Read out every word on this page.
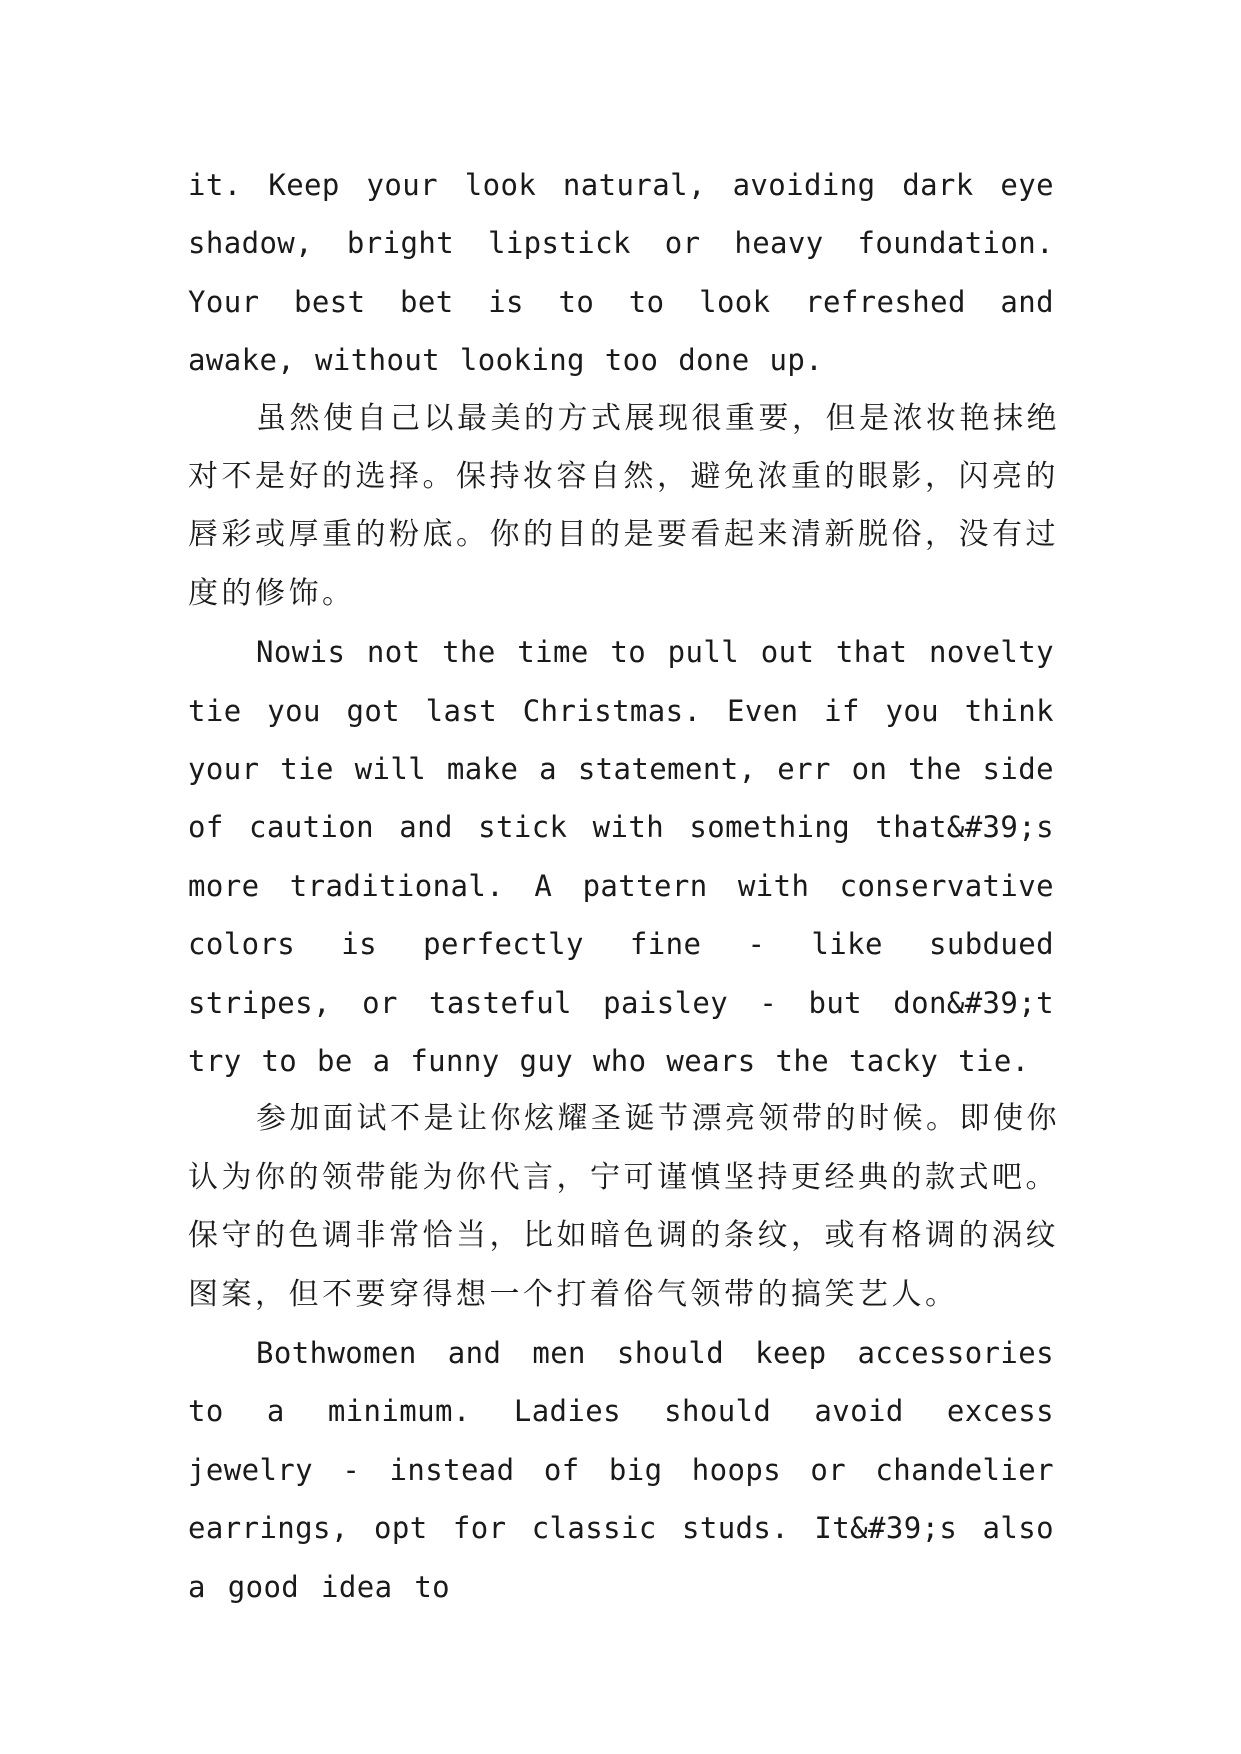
it. Keep your look natural, avoiding dark eye shadow, bright lipstick or heavy foundation. Your best bet is to to look refreshed and awake, without looking too done up.

虽然使自己以最美的方式展现很重要，但是浓妆艳抹绝
对不是好的选择。保持妆容自然，避免浓重的眼影，闪亮的
唇彩或厚重的粉底。你的目的是要看起来清新脱俗，没有过
度的修饰。

Nowis not the time to pull out that novelty tie you got last Christmas. Even if you think your tie will make a statement, err on the side of caution and stick with something that&#39;s more traditional. A pattern with conservative colors is perfectly fine - like subdued stripes, or tasteful paisley - but don&#39;t try to be a funny guy who wears the tacky tie.

参加面试不是让你炫耀圣诞节漂亮领带的时候。即使你
认为你的领带能为你代言，宁可谨慎坚持更经典的款式吧。
保守的色调非常恰当，比如暗色调的条纹，或有格调的涡纹
图案，但不要穿得想一个打着俗气领带的搞笑艺人。

Bothwomen and men should keep accessories to a minimum. Ladies should avoid excess jewelry - instead of big hoops or chandelier earrings, opt for classic studs. It&#39;s also a good idea to
